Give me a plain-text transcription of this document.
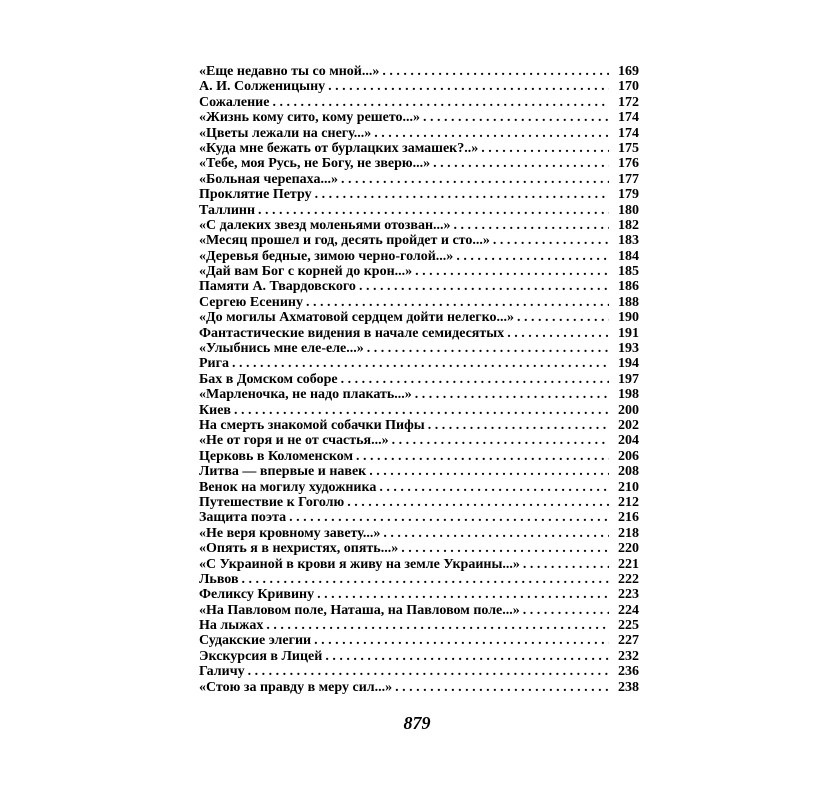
«Еще недавно ты со мной...» . . .	169
А. И. Солженицыну . . .	170
Сожаление . . .	172
«Жизнь кому сито, кому решето...» . . .	174
«Цветы лежали на снегу...» . . .	174
«Куда мне бежать от бурлацких замашек?..» . . .	175
«Тебе, моя Русь, не Богу, не зверю...» . . .	176
«Больная черепаха...» . . .	177
Проклятие Петру . . .	179
Таллинн . . .	180
«С далеких звезд моленьями отозван...» . . .	182
«Месяц прошел и год, десять пройдет и сто...» . . .	183
«Деревья бедные, зимою черно-голой...» . . .	184
«Дай вам Бог с корней до крон...» . . .	185
Памяти А. Твардовского . . .	186
Сергею Есенину . . .	188
«До могилы Ахматовой сердцем дойти нелегко...» . . .	190
Фантастические видения в начале семидесятых . . .	191
«Улыбнись мне еле-еле...» . . .	193
Рига . . .	194
Бах в Домском соборе . . .	197
«Марленочка, не надо плакать...» . . .	198
Киев . . .	200
На смерть знакомой собачки Пифы . . .	202
«Не от горя и не от счастья...» . . .	204
Церковь в Коломенском . . .	206
Литва — впервые и навек . . .	208
Венок на могилу художника . . .	210
Путешествие к Гоголю . . .	212
Защита поэта . . .	216
«Не веря кровному завету...» . . .	218
«Опять я в нехристях, опять...» . . .	220
«С Украиной в крови я живу на земле Украины...» . . .	221
Львов . . .	222
Феликсу Кривину . . .	223
«На Павловом поле, Наташа, на Павловом поле...» . . .	224
На лыжах . . .	225
Судакские элегии . . .	227
Экскурсия в Лицей . . .	232
Галичу . . .	236
«Стою за правду в меру сил...» . . .	238
879
